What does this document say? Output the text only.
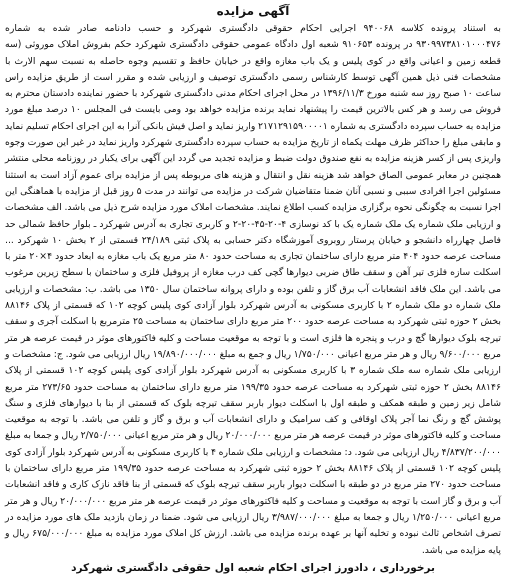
آگهی مزایده

به استناد پرونده کلاسه ۹۴۰۰۶۸ اجرایی احکام حقوقی دادگستری شهرکرد و حسب دادنامه صادر شده به شماره ۹۳۰۹۹۷۳۸۱۰۱۰۰۰۴۷۶ در پرونده ۹۱۰۶۵۳ شعبه اول دادگاه عمومی حقوقی دادگستری شهرکرد حکم بفروش املاک موروثی (سه قطعه زمین و اعیانی واقع در کوی پلیس و یک باب مغازه واقع در خیابان حافظ و تقسیم وجوه حاصله به نسبت سهم الارث با مشخصات فنی ذیل همین آگهی توسط کارشناس رسمی دادگستری توصیف و ارزیابی شده و مقرر است از طریق مزایده راس ساعت ۱۰ صبح روز سه شنبه مورخ ۱۳۹۶/۱۱/۳ در محل اجرای احکام مدنی دادگستری شهرکرد با حضور نماینده دادستان محترم به فروش می رسد و هر کس بالاترین قیمت را پیشنهاد نماید برنده مزایده خواهد بود ومی بایست فی المجلس ۱۰ درصد مبلغ مورد مزایده به حساب سپرده دادگستری به شماره ۲۱۷۱۲۹۱۵۹۰۰۰۰۱ واریز نماید و اصل فیش بانکی آنرا به این اجرای احکام تسلیم نماید و مابقی مبلغ را حداکثر ظرف مهلت یکماه از تاریخ مزایده به حساب سپرده دادگستری شهرکرد واریز نماید در غیر این صورت وجوه واریزی پس از کسر هزینه مزایده به نفع صندوق دولت ضبط و مزایده تجدید می گردد این آگهی برای یکبار در روزنامه محلی منتشر همچنین در معابر عمومی الصاق خواهد شد هزینه نقل و انتقال و هزینه های مربوطه پس از مزایده برای عموم آزاد است به استثنا مسئولین اجرا افرادی سببی و نسبی آنان ضمنا متقاضیان شرکت در مزایده می توانند در مدت ۵ روز قبل از مزایده با هماهنگی این اجرا نسبت به چگونگی نحوه برگزاری مزایده کسب اطلاع نمایند. مشخصات املاک مورد مزایده شرح ذیل می باشد. الف مشخصات و ارزیابی ملک شماره یک ملک شماره یک با کد نوسازی ۴-۲۰-۴۵-۲۰-۲ و کاربری تجاری به آدرس شهرکرد ـ بلوار حافظ شمالی حد فاصل چهارراه دانشجو و خیابان پرستار روبروی آموزشگاه دکتر حسابی به پلاک ثبتی ۲۴/۱۸۹ قسمتی از ۲ بخش ۱۰ شهرکرد ... مساحت عرصه حدود ۴۰۴ متر مربع دارای ساختمان تجاری به مساحت حدود ۸۰ متر مربع یک باب مغازه به ابعاد حدود ۴×۲۰ متر با اسکلت سازه فلزی تیر آهن و سقف طاق ضربی دیوارها گچی کف درب مغازه از پروفیل فلزی و ساختمان با سطح زیرین مرغوب می باشد. این ملک فاقد انشعابات آب برق گاز و تلفن بوده و دارای پروانه ساختمان سال ۱۳۵۰ می باشد. ب: مشخصات و ارزیابی ملک شماره دو ملک شماره ۲ با کاربری مسکونی به آدرس شهرکرد بلوار آزادی کوی پلیس کوچه ۱۰۲ که قسمتی از پلاک ۸۸۱۴۶ بخش ۲ حوزه ثبتی شهرکرد به مساحت عرصه حدود ۲۰۰ متر مربع دارای ساختمان به مساحت ۲۵ مترمربع با اسکلت آجری و سقف تیرچه بلوک دیوارها گچ و درب و پنجره ها فلزی است و با توجه به موقعیت مساحت و کلیه فاکتورهای موثر در قیمت عرصه هر متر مربع ۹/۶۰۰/۰۰۰ ریال و هر متر مربع اعیانی ۱/۷۵۰/۰۰۰ ریال و جمع به مبلغ ۱۹/۸۹۰/۰۰۰/۰۰۰ ریال ارزیابی می شود. ج: مشخصات و ارزیابی ملک شماره سه ملک شماره ۳ با کاربری مسکونی به آدرس شهرکرد بلوار آزادی کوی پلیس کوچه ۱۰۲ قسمتی از پلاک ۸۸۱۴۶ بخش ۲ حوزه ثبتی شهرکرد به مساحت عرصه حدود ۱۹۹/۳۵ متر مربع دارای ساختمان به مساحت حدود ۲۷۳/۶۵ متر مربع شامل زیر زمین و طبقه همکف و طبقه اول با اسکلت دیوار باربر سقف تیرچه بلوک که قسمتی از بنا با دیوارهای فلزی و سنگ پوشش گچ و رنگ نما آجر پلاک اوقافی و کف سرامیک و دارای انشعابات آب و برق و گاز و تلفن می باشد. با توجه به موقعیت مساحت و کلیه فاکتورهای موثر در قیمت عرصه هر متر مربع ۲۰/۰۰۰/۰۰۰ ریال و هر متر مربع اعیانی ۲/۷۵۰/۰۰۰ ریال و جمعا به مبلغ ۴/۸۳۷/۲۰۰/۰۰۰ ریال ارزیابی می شود. د: مشخصات و ارزیابی ملک شماره ۴ با کاربری مسکونی به آدرس شهرکرد بلوار آزادی کوی پلیس کوچه ۱۰۲ قسمتی از پلاک ۸۸۱۴۶ بخش ۲ حوزه ثبتی شهرکرد به مساحت عرصه حدود ۱۹۹/۳۵ متر مربع دارای ساختمان با مساحت حدود ۲۷۰ متر مربع در دو طبقه با اسکلت دیوار باربر سقف تیرچه بلوک که قسمتی از بنا فاقد نازک کاری و فاقد انشعابات آب و برق و گاز است با توجه به موقعیت و مساحت و کلیه فاکتورهای موثر در قیمت عرصه هر متر مربع ۲۰/۰۰۰/۰۰۰ ریال و هر متر مربع اعیانی ۱/۲۵۰/۰۰۰ ریال و جمعا به مبلغ ۳/۹۸۷/۰۰۰/۰۰۰ ریال ارزیابی می شود. ضمنا در زمان بازدید ملک های مورد مزایده در تصرف اشخاص ثالث نبوده و تخلیه آنها بر عهده برنده مزایده می باشد. ارزش کل املاک مورد مزایده به مبلغ ۶۷۵/۰۰۰/۰۰۰ ریال و پایه مزایده می باشد.

برخورداری ، دادورز اجرای احکام شعبه اول حقوقی دادگستری شهرکرد
